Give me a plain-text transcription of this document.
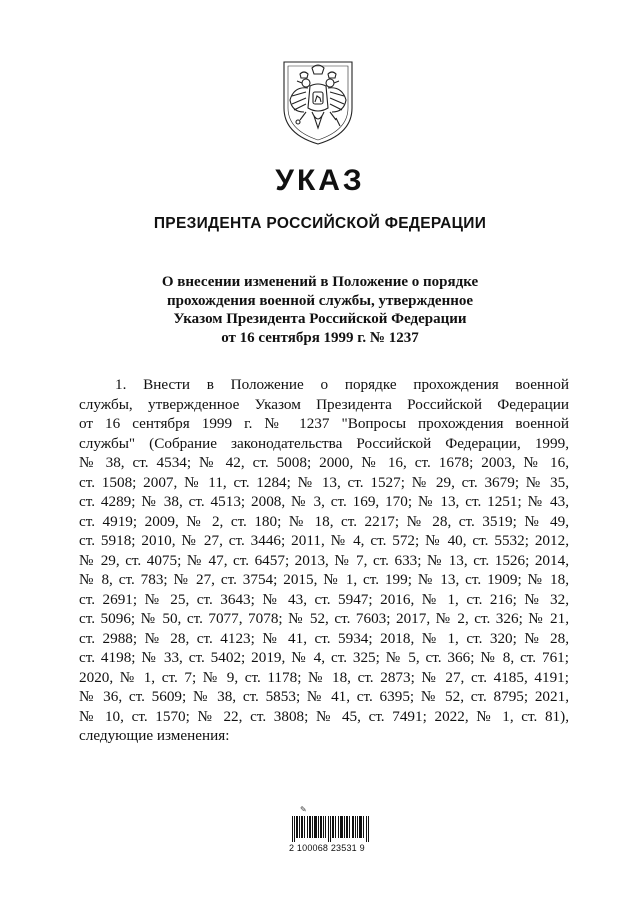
УКАЗ
ПРЕЗИДЕНТА РОССИЙСКОЙ ФЕДЕРАЦИИ
О внесении изменений в Положение о порядке
прохождения военной службы, утвержденное
Указом Президента Российской Федерации
от 16 сентября 1999 г. № 1237
1. Внести в Положение о порядке прохождения военной
службы, утвержденное Указом Президента Российской Федерации
от 16 сентября 1999 г. № 1237 "Вопросы прохождения военной
службы" (Собрание законодательства Российской Федерации, 1999,
№ 38, ст. 4534; № 42, ст. 5008; 2000, № 16, ст. 1678; 2003, № 16,
ст. 1508; 2007, № 11, ст. 1284; № 13, ст. 1527; № 29, ст. 3679; № 35,
ст. 4289; № 38, ст. 4513; 2008, № 3, ст. 169, 170; № 13, ст. 1251; № 43,
ст. 4919; 2009, № 2, ст. 180; № 18, ст. 2217; № 28, ст. 3519; № 49,
ст. 5918; 2010, № 27, ст. 3446; 2011, № 4, ст. 572; № 40, ст. 5532; 2012,
№ 29, ст. 4075; № 47, ст. 6457; 2013, № 7, ст. 633; № 13, ст. 1526; 2014,
№ 8, ст. 783; № 27, ст. 3754; 2015, № 1, ст. 199; № 13, ст. 1909; № 18,
ст. 2691; № 25, ст. 3643; № 43, ст. 5947; 2016, № 1, ст. 216; № 32,
ст. 5096; № 50, ст. 7077, 7078; № 52, ст. 7603; 2017, № 2, ст. 326; № 21,
ст. 2988; № 28, ст. 4123; № 41, ст. 5934; 2018, № 1, ст. 320; № 28,
ст. 4198; № 33, ст. 5402; 2019, № 4, ст. 325; № 5, ст. 366; № 8, ст. 761;
2020, № 1, ст. 7; № 9, ст. 1178; № 18, ст. 2873; № 27, ст. 4185, 4191;
№ 36, ст. 5609; № 38, ст. 5853; № 41, ст. 6395; № 52, ст. 8795; 2021,
№ 10, ст. 1570; № 22, ст. 3808; № 45, ст. 7491; 2022, № 1, ст. 81),
следующие изменения:
✎
2 100068 23531 9
